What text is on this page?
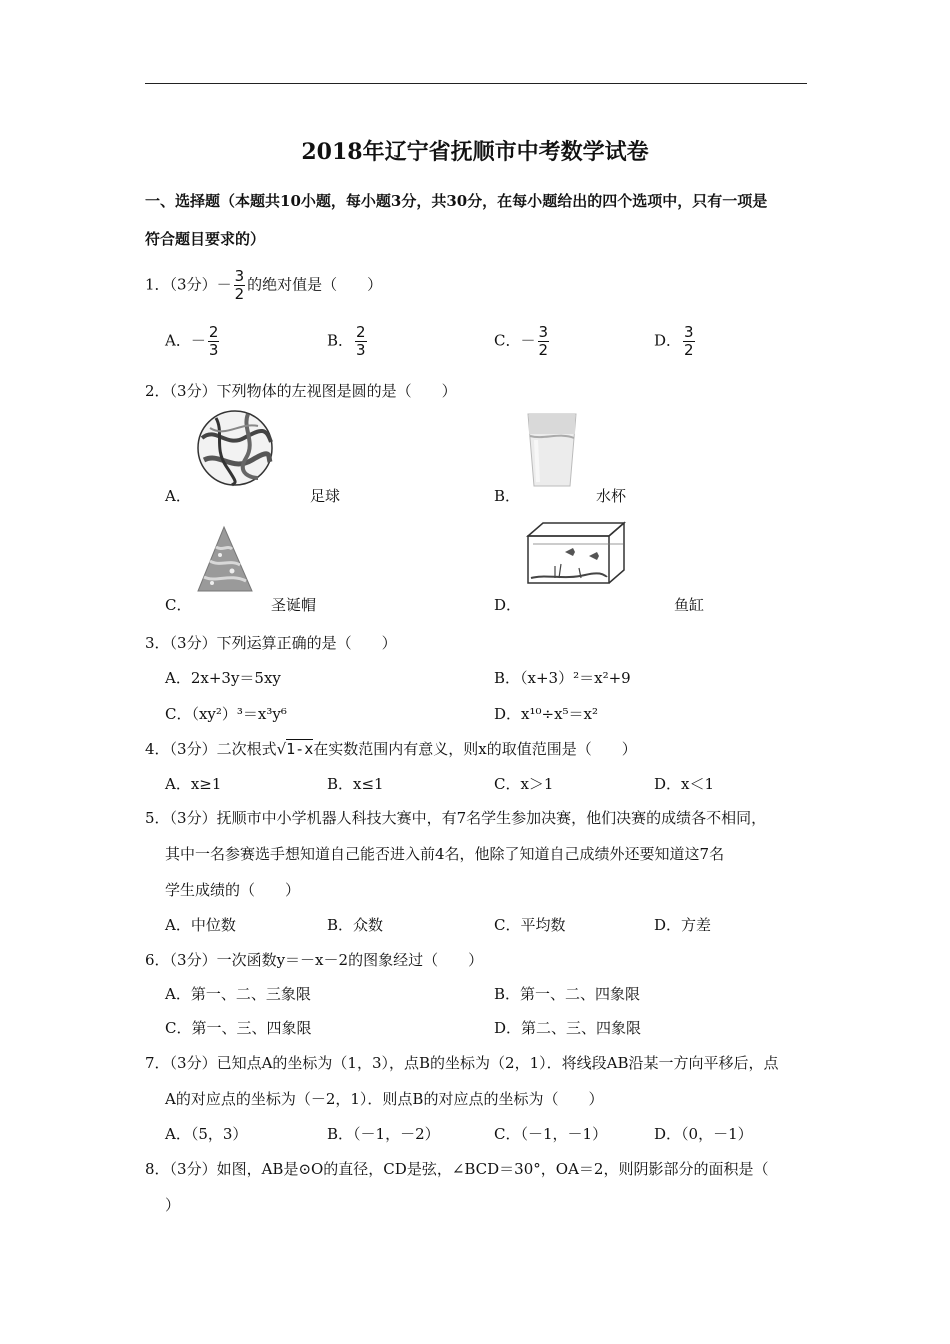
2018年辽宁省抚顺市中考数学试卷
一、选择题（本题共10小题，每小题3分，共30分，在每小题给出的四个选项中，只有一项是
符合题目要求的）
1．（3分）－ $\frac{3}{2}$ 的绝对值是（　　）
A．－ $\frac{2}{3}$	B． $\frac{2}{3}$	C．－ $\frac{3}{2}$	D． $\frac{3}{2}$
2．（3分）下列物体的左视图是圆的是（　　）
A．	足球	B．	水杯
C．	圣诞帽	D．	鱼缸
3．（3分）下列运算正确的是（　　）
A．2x+3y＝5xy	B．（x+3）²＝x²+9
C．（xy²）³＝x³y⁶	D．x¹⁰÷x⁵＝x²
4．（3分）二次根式√1-x在实数范围内有意义，则x的取值范围是（　　）
A．x≥1	B．x≤1	C．x＞1	D．x＜1
5．（3分）抚顺市中小学机器人科技大赛中，有7名学生参加决赛，他们决赛的成绩各不相同，
其中一名参赛选手想知道自己能否进入前4名，他除了知道自己成绩外还要知道这7名
学生成绩的（　　）
A．中位数	B．众数	C．平均数	D．方差
6．（3分）一次函数y＝－x－2的图象经过（　　）
A．第一、二、三象限	B．第一、二、四象限
C．第一、三、四象限	D．第二、三、四象限
7．（3分）已知点A的坐标为（1，3），点B的坐标为（2，1）．将线段AB沿某一方向平移后，点
A的对应点的坐标为（－2，1）．则点B的对应点的坐标为（　　）
A．（5，3）	B．（－1，－2）	C．（－1，－1）	D．（0，－1）
8．（3分）如图，AB是⊙O的直径，CD是弦，∠BCD＝30°，OA＝2，则阴影部分的面积是（
）
